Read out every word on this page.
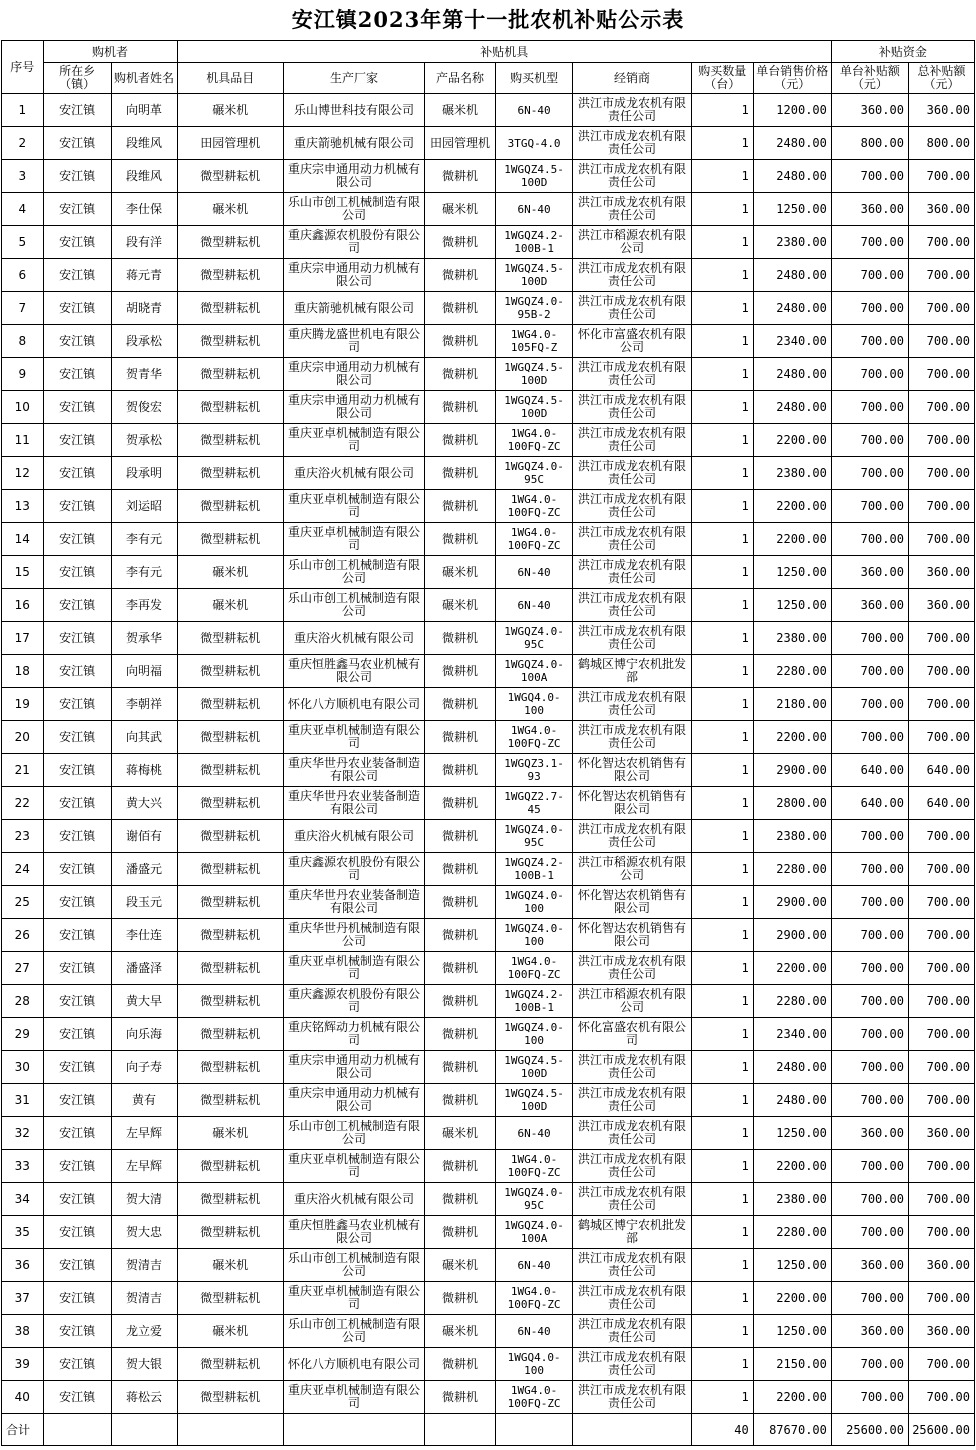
安江镇2023年第十一批农机补贴公示表
序号	购机者		补贴机具							补贴资金	
	所在乡（镇）	购机者姓名	机具品目	生产厂家	产品名称	购买机型	经销商	购买数量（台）	单台销售价格（元）	单台补贴额（元）	总补贴额（元）
1	安江镇	向明革	碾米机	乐山博世科技有限公司	碾米机	6N-40	洪江市成龙农机有限责任公司	1	1200.00	360.00	360.00
2	安江镇	段维风	田园管理机	重庆箭驰机械有限公司	田园管理机	3TGQ-4.0	洪江市成龙农机有限责任公司	1	2480.00	800.00	800.00
3	安江镇	段维风	微型耕耘机	重庆宗申通用动力机械有限公司	微耕机	1WGQZ4.5-100D	洪江市成龙农机有限责任公司	1	2480.00	700.00	700.00
4	安江镇	李仕保	碾米机	乐山市创工机械制造有限公司	碾米机	6N-40	洪江市成龙农机有限责任公司	1	1250.00	360.00	360.00
5	安江镇	段有洋	微型耕耘机	重庆鑫源农机股份有限公司	微耕机	1WGQZ4.2-100B-1	洪江市稻源农机有限公司	1	2380.00	700.00	700.00
6	安江镇	蒋元青	微型耕耘机	重庆宗申通用动力机械有限公司	微耕机	1WGQZ4.5-100D	洪江市成龙农机有限责任公司	1	2480.00	700.00	700.00
7	安江镇	胡晓青	微型耕耘机	重庆箭驰机械有限公司	微耕机	1WGQZ4.0-95B-2	洪江市成龙农机有限责任公司	1	2480.00	700.00	700.00
8	安江镇	段承松	微型耕耘机	重庆腾龙盛世机电有限公司	微耕机	1WG4.0-105FQ-Z	怀化市富盛农机有限公司	1	2340.00	700.00	700.00
9	安江镇	贺青华	微型耕耘机	重庆宗申通用动力机械有限公司	微耕机	1WGQZ4.5-100D	洪江市成龙农机有限责任公司	1	2480.00	700.00	700.00
10	安江镇	贺俊宏	微型耕耘机	重庆宗申通用动力机械有限公司	微耕机	1WGQZ4.5-100D	洪江市成龙农机有限责任公司	1	2480.00	700.00	700.00
11	安江镇	贺承松	微型耕耘机	重庆亚卓机械制造有限公司	微耕机	1WG4.0-100FQ-ZC	洪江市成龙农机有限责任公司	1	2200.00	700.00	700.00
12	安江镇	段承明	微型耕耘机	重庆浴火机械有限公司	微耕机	1WGQZ4.0-95C	洪江市成龙农机有限责任公司	1	2380.00	700.00	700.00
13	安江镇	刘运昭	微型耕耘机	重庆亚卓机械制造有限公司	微耕机	1WG4.0-100FQ-ZC	洪江市成龙农机有限责任公司	1	2200.00	700.00	700.00
14	安江镇	李有元	微型耕耘机	重庆亚卓机械制造有限公司	微耕机	1WG4.0-100FQ-ZC	洪江市成龙农机有限责任公司	1	2200.00	700.00	700.00
15	安江镇	李有元	碾米机	乐山市创工机械制造有限公司	碾米机	6N-40	洪江市成龙农机有限责任公司	1	1250.00	360.00	360.00
16	安江镇	李再发	碾米机	乐山市创工机械制造有限公司	碾米机	6N-40	洪江市成龙农机有限责任公司	1	1250.00	360.00	360.00
17	安江镇	贺承华	微型耕耘机	重庆浴火机械有限公司	微耕机	1WGQZ4.0-95C	洪江市成龙农机有限责任公司	1	2380.00	700.00	700.00
18	安江镇	向明福	微型耕耘机	重庆恒胜鑫马农业机械有限公司	微耕机	1WGQZ4.0-100A	鹤城区博宁农机批发部	1	2280.00	700.00	700.00
19	安江镇	李朝祥	微型耕耘机	怀化八方顺机电有限公司	微耕机	1WGQ4.0-100	洪江市成龙农机有限责任公司	1	2180.00	700.00	700.00
20	安江镇	向其武	微型耕耘机	重庆亚卓机械制造有限公司	微耕机	1WG4.0-100FQ-ZC	洪江市成龙农机有限责任公司	1	2200.00	700.00	700.00
21	安江镇	蒋梅桃	微型耕耘机	重庆华世丹农业装备制造有限公司	微耕机	1WGQZ3.1-93	怀化智达农机销售有限公司	1	2900.00	640.00	640.00
22	安江镇	黄大兴	微型耕耘机	重庆华世丹农业装备制造有限公司	微耕机	1WGQZ2.7-45	怀化智达农机销售有限公司	1	2800.00	640.00	640.00
23	安江镇	谢佰有	微型耕耘机	重庆浴火机械有限公司	微耕机	1WGQZ4.0-95C	洪江市成龙农机有限责任公司	1	2380.00	700.00	700.00
24	安江镇	潘盛元	微型耕耘机	重庆鑫源农机股份有限公司	微耕机	1WGQZ4.2-100B-1	洪江市稻源农机有限公司	1	2280.00	700.00	700.00
25	安江镇	段玉元	微型耕耘机	重庆华世丹农业装备制造有限公司	微耕机	1WGQZ4.0-100	怀化智达农机销售有限公司	1	2900.00	700.00	700.00
26	安江镇	李仕连	微型耕耘机	重庆华世丹机械制造有限公司	微耕机	1WGQZ4.0-100	怀化智达农机销售有限公司	1	2900.00	700.00	700.00
27	安江镇	潘盛泽	微型耕耘机	重庆亚卓机械制造有限公司	微耕机	1WG4.0-100FQ-ZC	洪江市成龙农机有限责任公司	1	2200.00	700.00	700.00
28	安江镇	黄大早	微型耕耘机	重庆鑫源农机股份有限公司	微耕机	1WGQZ4.2-100B-1	洪江市稻源农机有限公司	1	2280.00	700.00	700.00
29	安江镇	向乐海	微型耕耘机	重庆铭辉动力机械有限公司	微耕机	1WGQZ4.0-100	怀化富盛农机有限公司	1	2340.00	700.00	700.00
30	安江镇	向子寿	微型耕耘机	重庆宗申通用动力机械有限公司	微耕机	1WGQZ4.5-100D	洪江市成龙农机有限责任公司	1	2480.00	700.00	700.00
31	安江镇	黄有	微型耕耘机	重庆宗申通用动力机械有限公司	微耕机	1WGQZ4.5-100D	洪江市成龙农机有限责任公司	1	2480.00	700.00	700.00
32	安江镇	左早辉	碾米机	乐山市创工机械制造有限公司	碾米机	6N-40	洪江市成龙农机有限责任公司	1	1250.00	360.00	360.00
33	安江镇	左早辉	微型耕耘机	重庆亚卓机械制造有限公司	微耕机	1WG4.0-100FQ-ZC	洪江市成龙农机有限责任公司	1	2200.00	700.00	700.00
34	安江镇	贺大清	微型耕耘机	重庆浴火机械有限公司	微耕机	1WGQZ4.0-95C	洪江市成龙农机有限责任公司	1	2380.00	700.00	700.00
35	安江镇	贺大忠	微型耕耘机	重庆恒胜鑫马农业机械有限公司	微耕机	1WGQZ4.0-100A	鹤城区博宁农机批发部	1	2280.00	700.00	700.00
36	安江镇	贺清吉	碾米机	乐山市创工机械制造有限公司	碾米机	6N-40	洪江市成龙农机有限责任公司	1	1250.00	360.00	360.00
37	安江镇	贺清吉	微型耕耘机	重庆亚卓机械制造有限公司	微耕机	1WG4.0-100FQ-ZC	洪江市成龙农机有限责任公司	1	2200.00	700.00	700.00
38	安江镇	龙立爱	碾米机	乐山市创工机械制造有限公司	碾米机	6N-40	洪江市成龙农机有限责任公司	1	1250.00	360.00	360.00
39	安江镇	贺大银	微型耕耘机	怀化八方顺机电有限公司	微耕机	1WGQ4.0-100	洪江市成龙农机有限责任公司	1	2150.00	700.00	700.00
40	安江镇	蒋松云	微型耕耘机	重庆亚卓机械制造有限公司	微耕机	1WG4.0-100FQ-ZC	洪江市成龙农机有限责任公司	1	2200.00	700.00	700.00
合计								40	87670.00	25600.00	25600.00
